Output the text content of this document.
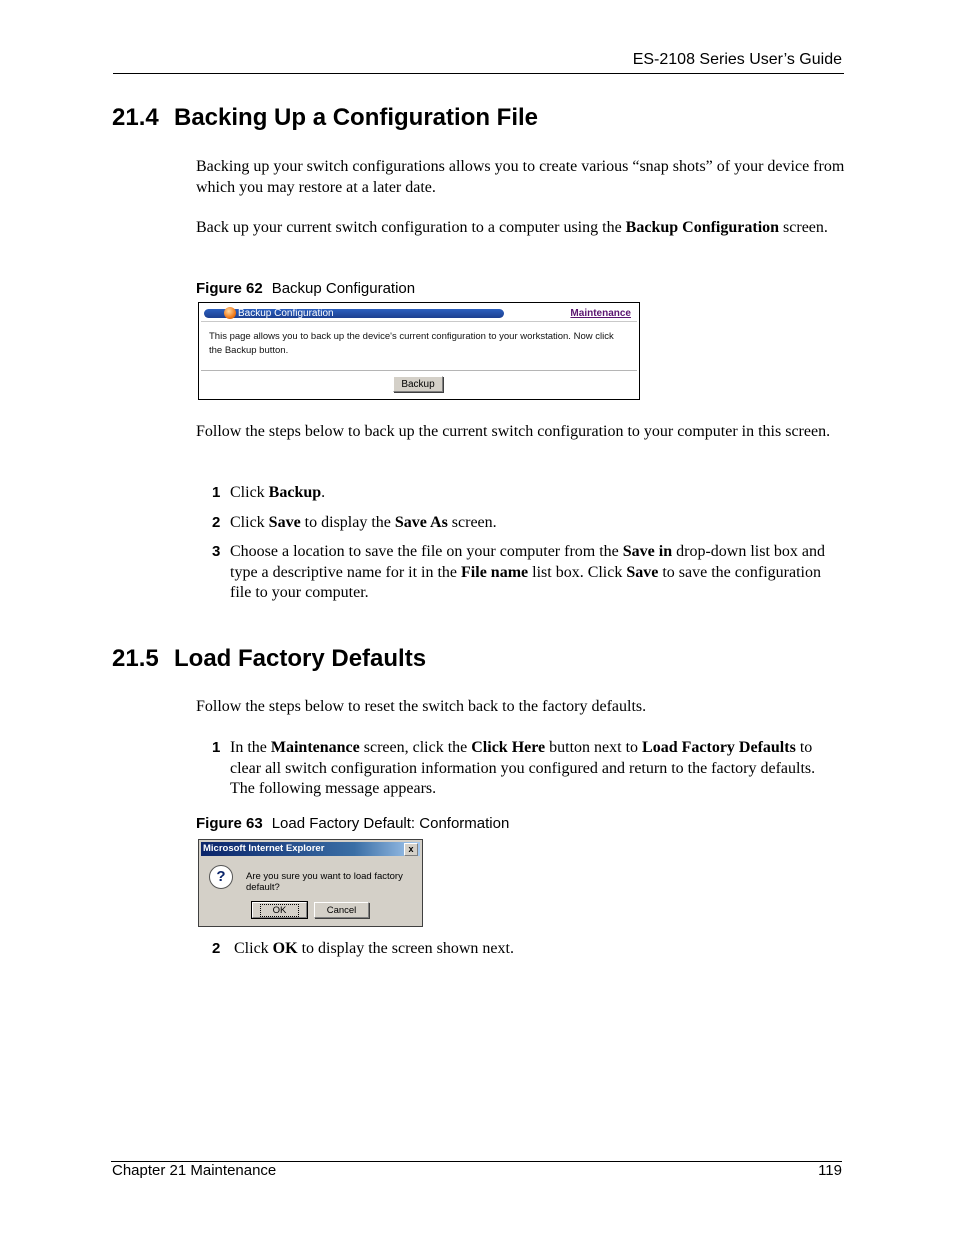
ES-2108 Series User’s Guide
21.4 Backing Up a Configuration File
Backing up your switch configurations allows you to create various “snap shots” of your device from which you may restore at a later date.
Back up your current switch configuration to a computer using the Backup Configuration screen.
Figure 62 Backup Configuration
Backup Configuration	Maintenance
This page allows you to back up the device's current configuration to your workstation. Now click the Backup button.
Backup
Follow the steps below to back up the current switch configuration to your computer in this screen.
1 Click Backup.
2 Click Save to display the Save As screen.
3 Choose a location to save the file on your computer from the Save in drop-down list box and type a descriptive name for it in the File name list box. Click Save to save the configuration file to your computer.
21.5 Load Factory Defaults
Follow the steps below to reset the switch back to the factory defaults.
1 In the Maintenance screen, click the Click Here button next to Load Factory Defaults to clear all switch configuration information you configured and return to the factory defaults. The following message appears.
Figure 63 Load Factory Default: Conformation
Microsoft Internet Explorer	x
?	Are you sure you want to load factory default?
OK	Cancel
2 Click OK to display the screen shown next.
Chapter 21 Maintenance	119
